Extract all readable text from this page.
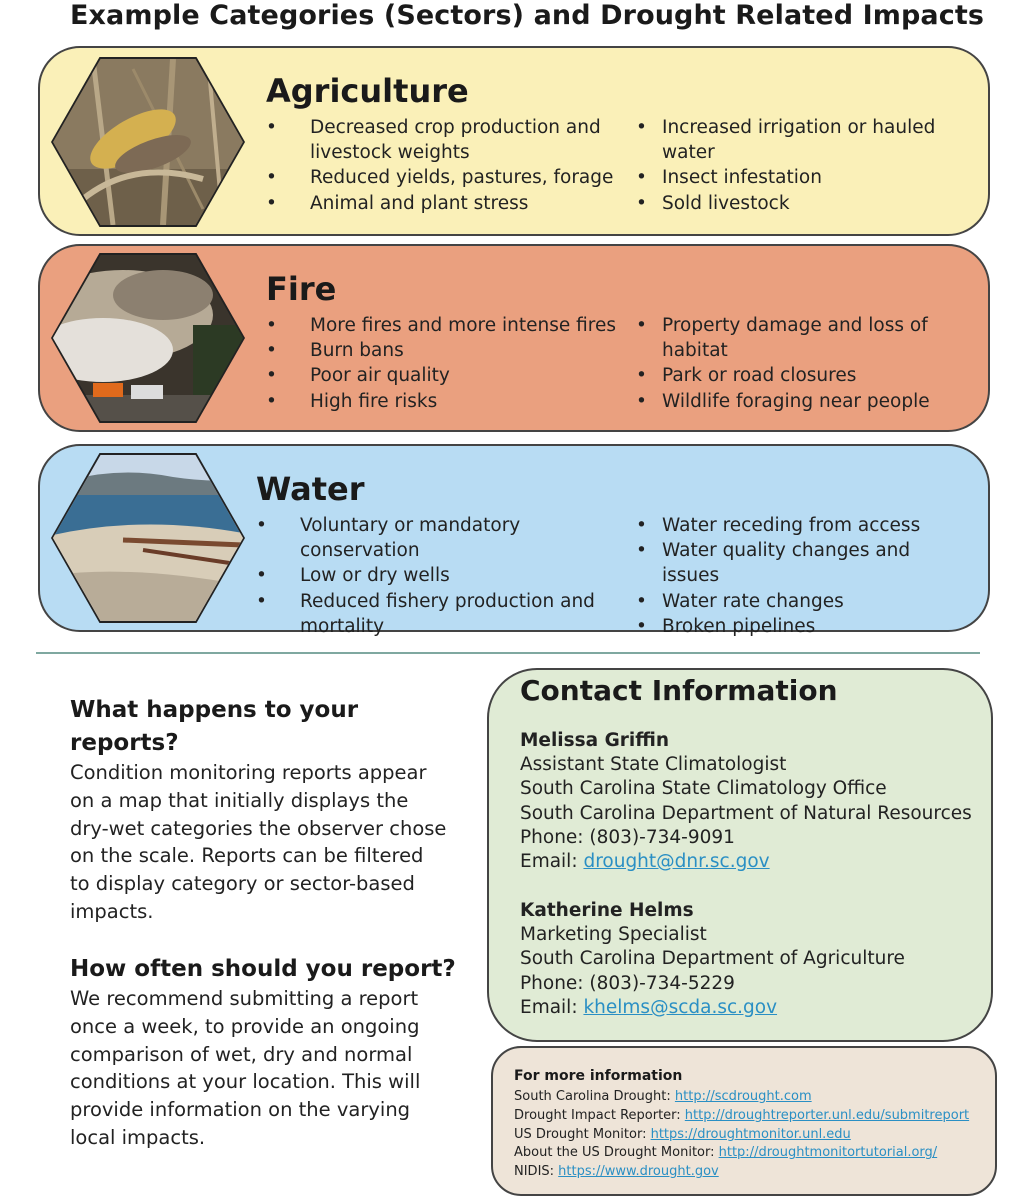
Example Categories (Sectors) and Drought Related Impacts
Agriculture
• Decreased crop production and livestock weights
• Reduced yields, pastures, forage
• Animal and plant stress
• Increased irrigation or hauled water
• Insect infestation
• Sold livestock
Fire
• More fires and more intense fires
• Burn bans
• Poor air quality
• High fire risks
• Property damage and loss of habitat
• Park or road closures
• Wildlife foraging near people
Water
• Voluntary or mandatory conservation
• Low or dry wells
• Reduced fishery production and mortality
• Water receding from access
• Water quality changes and issues
• Water rate changes
• Broken pipelines
What happens to your reports?
Condition monitoring reports appear on a map that initially displays the dry-wet categories the observer chose on the scale. Reports can be filtered to display category or sector-based impacts.
How often should you report?
We recommend submitting a report once a week, to provide an ongoing comparison of wet, dry and normal conditions at your location. This will provide information on the varying local impacts.
Contact Information
Melissa Griffin
Assistant State Climatologist
South Carolina State Climatology Office
South Carolina Department of Natural Resources
Phone: (803)-734-9091
Email: drought@dnr.sc.gov
Katherine Helms
Marketing Specialist
South Carolina Department of Agriculture
Phone: (803)-734-5229
Email: khelms@scda.sc.gov
For more information
South Carolina Drought: http://scdrought.com
Drought Impact Reporter: http://droughtreporter.unl.edu/submitreport
US Drought Monitor: https://droughtmonitor.unl.edu
About the US Drought Monitor: http://droughtmonitortutorial.org/
NIDIS: https://www.drought.gov
